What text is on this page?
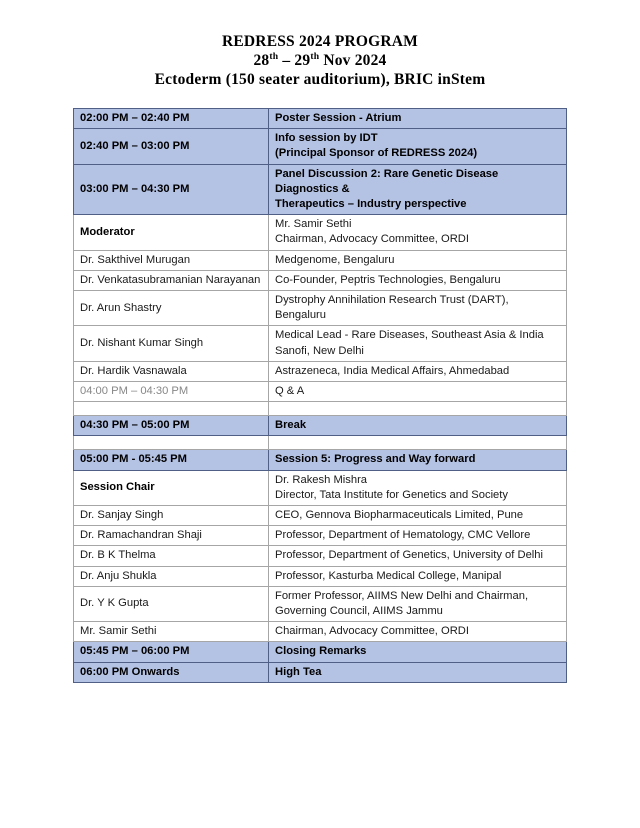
REDRESS 2024 PROGRAM
28th – 29th Nov 2024
Ectoderm (150 seater auditorium), BRIC inStem
02:00 PM – 02:40 PM	Poster Session - Atrium
02:40 PM – 03:00 PM	Info session by IDT
(Principal Sponsor of REDRESS 2024)

03:00 PM – 04:30 PM	Panel Discussion 2: Rare Genetic Disease Diagnostics &
Therapeutics – Industry perspective

Moderator	Mr. Samir Sethi
Chairman, Advocacy Committee, ORDI

Dr. Sakthivel Murugan	Medgenome, Bengaluru
Dr. Venkatasubramanian Narayanan	Co-Founder, Peptris Technologies, Bengaluru
Dr. Arun Shastry	Dystrophy Annihilation Research Trust (DART),
Bengaluru

Dr. Nishant Kumar Singh	Medical Lead - Rare Diseases, Southeast Asia & India
Sanofi, New Delhi

Dr. Hardik Vasnawala	Astrazeneca, India Medical Affairs, Ahmedabad
04:00 PM – 04:30 PM	Q & A

04:30 PM – 05:00 PM	Break

05:00 PM - 05:45 PM	Session 5: Progress and Way forward
Session Chair	Dr. Rakesh Mishra
Director, Tata Institute for Genetics and Society

Dr. Sanjay Singh	CEO, Gennova Biopharmaceuticals Limited, Pune
Dr. Ramachandran Shaji	Professor, Department of Hematology, CMC Vellore
Dr. B K Thelma	Professor, Department of Genetics, University of Delhi
Dr. Anju Shukla	Professor, Kasturba Medical College, Manipal
Dr. Y K Gupta	Former Professor, AIIMS New Delhi and Chairman,
Governing Council, AIIMS Jammu

Mr. Samir Sethi	Chairman, Advocacy Committee, ORDI
05:45 PM – 06:00 PM	Closing Remarks
06:00 PM Onwards	High Tea
